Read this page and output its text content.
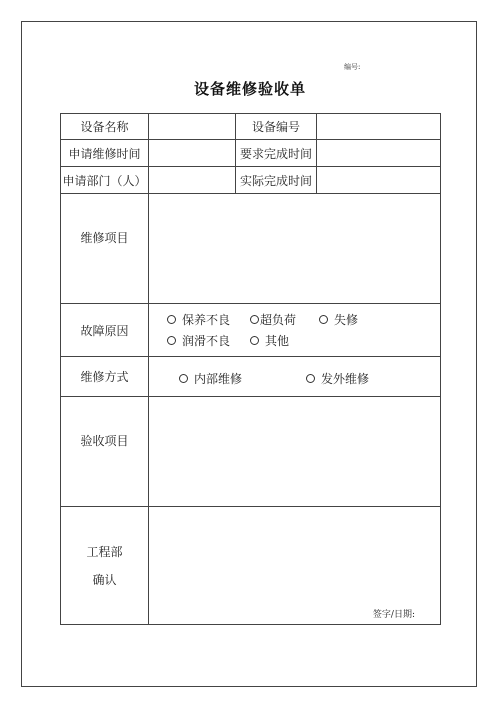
编号:
设备维修验收单
设备名称		设备编号	
申请维修时间		要求完成时间	
申请部门（人）		实际完成时间	
维修项目			
故障原因	保养不良 超负荷 失修
润滑不良 其他		

维修方式	内部维修 发外维修		

验收项目			

工程部
确认	签字/日期:		
